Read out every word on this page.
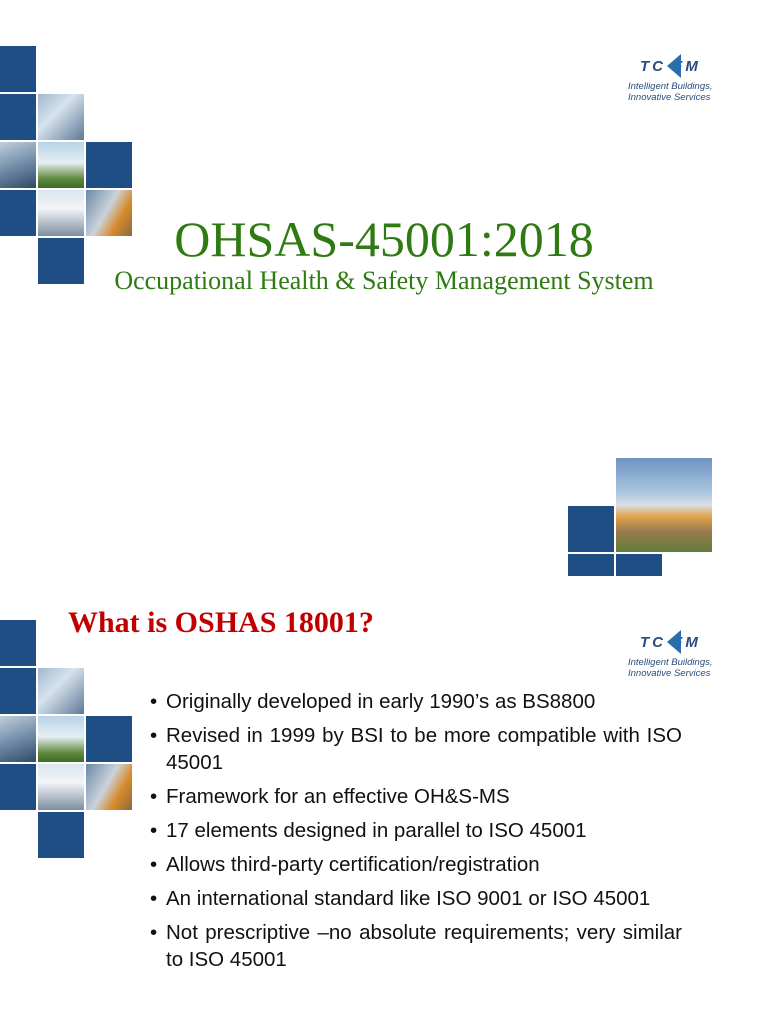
TC FM
Intelligent Buildings,
Innovative Services
OHSAS-45001:2018
Occupational Health & Safety Management System
What is OSHAS 18001?
TC FM
Intelligent Buildings,
Innovative Services
• Originally developed in early 1990’s as BS8800
• Revised in 1999 by BSI to be more compatible with ISO 45001
• Framework for an effective OH&S-MS
• 17 elements designed in parallel to ISO 45001
• Allows third-party certification/registration
• An international standard like ISO 9001 or ISO 45001
• Not prescriptive –no absolute requirements; very similar to ISO 45001
